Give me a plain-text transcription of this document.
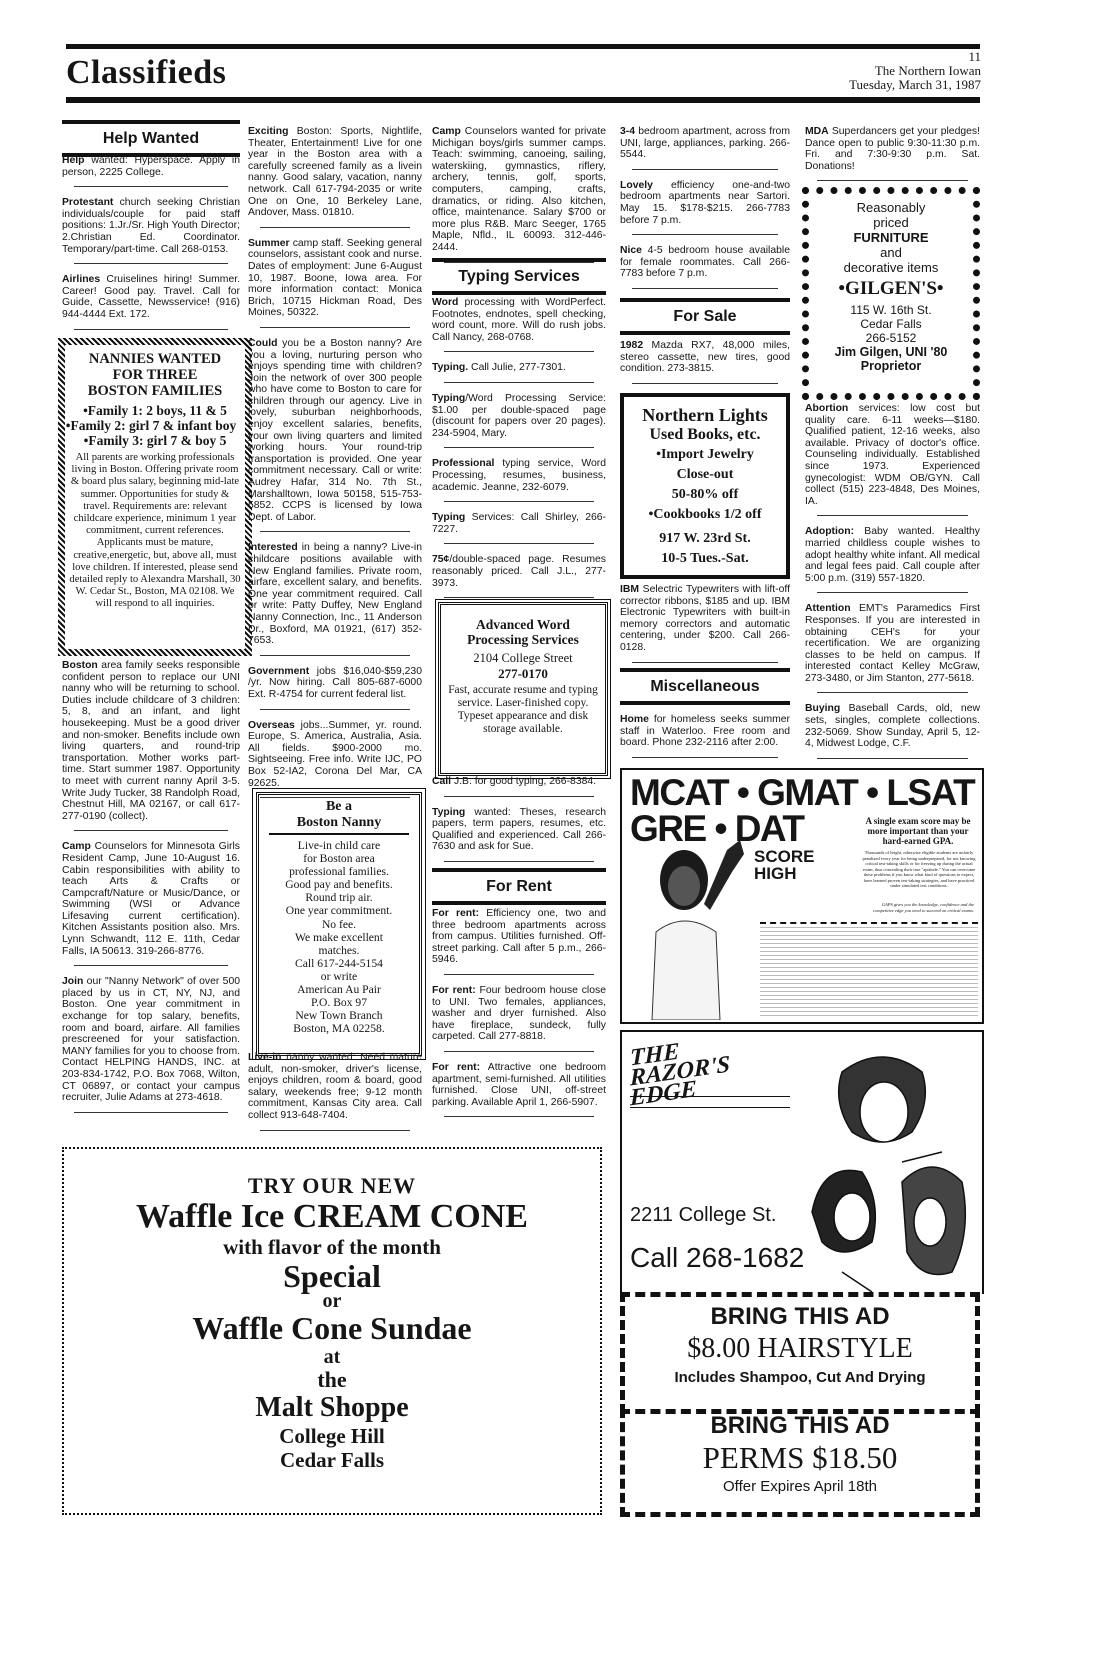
Classifieds	11
The Northern Iowan
Tuesday, March 31, 1987
Help Wanted
Help wanted: Hyperspace. Apply in person, 2225 College.
Protestant church seeking Christian individuals/couple for paid staff positions: 1.Jr./Sr. High Youth Director; 2.Christian Ed. Coordinator. Temporary/part-time. Call 268-0153.
Airlines Cruiselines hiring! Summer. Career! Good pay. Travel. Call for Guide, Cassette, Newsservice! (916) 944-4444 Ext. 172.
NANNIES WANTED
FOR THREE
BOSTON FAMILIES
•Family 1: 2 boys, 11 & 5
•Family 2: girl 7 & infant boy
•Family 3: girl 7 & boy 5
All parents are working professionals living in Boston. Offering private room & board plus salary, beginning mid-late summer. Opportunities for study & travel. Requirements are: relevant childcare experience, minimum 1 year commitment, current references. Applicants must be mature, creative,energetic, but, above all, must love children. If interested, please send detailed reply to Alexandra Marshall, 30 W. Cedar St., Boston, MA 02108. We will respond to all inquiries.
Boston area family seeks responsible confident person to replace our UNI nanny who will be returning to school. Duties include childcare of 3 children: 5, 8, and an infant, and light housekeeping. Must be a good driver and non-smoker. Benefits include own living quarters, and round-trip transportation. Mother works part-time. Start summer 1987. Opportunity to meet with current nanny April 3-5. Write Judy Tucker, 38 Randolph Road, Chestnut Hill, MA 02167, or call 617-277-0190 (collect).
Camp Counselors for Minnesota Girls Resident Camp, June 10-August 16. Cabin responsibilities with ability to teach Arts & Crafts or Campcraft/Nature or Music/Dance, or Swimming (WSI or Advance Lifesaving current certification). Kitchen Assistants position also. Mrs. Lynn Schwandt, 112 E. 11th, Cedar Falls, IA 50613. 319-266-8776.
Join our "Nanny Network" of over 500 placed by us in CT, NY, NJ, and Boston. One year commitment in exchange for top salary, benefits, room and board, airfare. All families prescreened for your satisfaction. MANY families for you to choose from. Contact HELPING HANDS, INC. at 203-834-1742, P.O. Box 7068, Wilton, CT 06897, or contact your campus recruiter, Julie Adams at 273-4618.
Exciting Boston: Sports, Nightlife, Theater, Entertainment! Live for one year in the Boston area with a carefully screened family as a livein nanny. Good salary, vacation, nanny network. Call 617-794-2035 or write One on One, 10 Berkeley Lane, Andover, Mass. 01810.
Summer camp staff. Seeking general counselors, assistant cook and nurse. Dates of employment: June 6-August 10, 1987. Boone, Iowa area. For more information contact: Monica Brich, 10715 Hickman Road, Des Moines, 50322.
Could you be a Boston nanny? Are you a loving, nurturing person who enjoys spending time with children? Join the network of over 300 people who have come to Boston to care for children through our agency. Live in lovely, suburban neighborhoods, enjoy excellent salaries, benefits, your own living quarters and limited working hours. Your round-trip transportation is provided. One year commitment necessary. Call or write: Audrey Hafar, 314 No. 7th St., Marshalltown, Iowa 50158, 515-753-5852. CCPS is licensed by Iowa Dept. of Labor.
Interested in being a nanny? Live-in childcare positions available with New England families. Private room, airfare, excellent salary, and benefits. One year commitment required. Call or write: Patty Duffey, New England Nanny Connection, Inc., 11 Anderson Dr., Boxford, MA 01921, (617) 352-7653.
Government jobs $16,040-$59,230 /yr. Now hiring. Call 805-687-6000 Ext. R-4754 for current federal list.
Overseas jobs...Summer, yr. round. Europe, S. America, Australia, Asia. All fields. $900-2000 mo. Sightseeing. Free info. Write IJC, PO Box 52-IA2, Corona Del Mar, CA 92625.
Be a
Boston Nanny
Live-in child care
for Boston area
professional families.
Good pay and benefits.
Round trip air.
One year commitment.
No fee.
We make excellent
matches.
Call 617-244-5154
or write
American Au Pair
P.O. Box 97
New Town Branch
Boston, MA 02258.
Live-in nanny wanted: Need mature adult, non-smoker, driver's license, enjoys children, room & board, good salary, weekends free; 9-12 month commitment, Kansas City area. Call collect 913-648-7404.
Camp Counselors wanted for private Michigan boys/girls summer camps. Teach: swimming, canoeing, sailing, waterskiing, gymnastics, riflery, archery, tennis, golf, sports, computers, camping, crafts, dramatics, or riding. Also kitchen, office, maintenance. Salary $700 or more plus R&B. Marc Seeger, 1765 Maple, Nfld., IL 60093. 312-446-2444.
Typing Services
Word processing with WordPerfect. Footnotes, endnotes, spell checking, word count, more. Will do rush jobs. Call Nancy, 268-0768.
Typing. Call Julie, 277-7301.
Typing/Word Processing Service: $1.00 per double-spaced page (discount for papers over 20 pages). 234-5904, Mary.
Professional typing service, Word Processing, resumes, business, academic. Jeanne, 232-6079.
Typing Services: Call Shirley, 266-7227.
75¢/double-spaced page. Resumes reasonably priced. Call J.L., 277-3973.
Advanced Word Processing Services
2104 College Street
277-0170
Fast, accurate resume and typing service. Laser-finished copy. Typeset appearance and disk storage available.
Call J.B. for good typing, 266-8384.
Typing wanted: Theses, research papers, term papers, resumes, etc. Qualified and experienced. Call 266-7630 and ask for Sue.
For Rent
For rent: Efficiency one, two and three bedroom apartments across from campus. Utilities furnished. Off-street parking. Call after 5 p.m., 266-5946.
For rent: Four bedroom house close to UNI. Two females, appliances, washer and dryer furnished. Also have fireplace, sundeck, fully carpeted. Call 277-8818.
For rent: Attractive one bedroom apartment, semi-furnished. All utilities furnished. Close UNI, off-street parking. Available April 1, 266-5907.
3-4 bedroom apartment, across from UNI, large, appliances, parking. 266-5544.
Lovely efficiency one-and-two bedroom apartments near Sartori. May 15. $178-$215. 266-7783 before 7 p.m.
Nice 4-5 bedroom house available for female roommates. Call 266-7783 before 7 p.m.
For Sale
1982 Mazda RX7, 48,000 miles, stereo cassette, new tires, good condition. 273-3815.
Northern Lights
Used Books, etc.
•Import Jewelry
Close-out
50-80% off
•Cookbooks 1/2 off
917 W. 23rd St.
10-5 Tues.-Sat.
IBM Selectric Typewriters with lift-off corrector ribbons, $185 and up. IBM Electronic Typewriters with built-in memory correctors and automatic centering, under $200. Call 266-0128.
Miscellaneous
Home for homeless seeks summer staff in Waterloo. Free room and board. Phone 232-2116 after 2:00.
MDA Superdancers get your pledges! Dance open to public 9:30-11:30 p.m. Fri. and 7:30-9:30 p.m. Sat. Donations!
Reasonably
priced
FURNITURE
and
decorative items
•GILGEN'S•
115 W. 16th St.
Cedar Falls
266-5152
Jim Gilgen, UNI '80
Proprietor
Abortion services: low cost but quality care. 6-11 weeks—$180. Qualified patient, 12-16 weeks, also available. Privacy of doctor's office. Counseling individually. Established since 1973. Experienced gynecologist: WDM OB/GYN. Call collect (515) 223-4848, Des Moines, IA.
Adoption: Baby wanted. Healthy married childless couple wishes to adopt healthy white infant. All medical and legal fees paid. Call couple after 5:00 p.m. (319) 557-1820.
Attention EMT's Paramedics First Responses. If you are interested in obtaining CEH's for your recertification. We are organizing classes to be held on campus. If interested contact Kelley McGraw, 273-3480, or Jim Stanton, 277-5618.
Buying Baseball Cards, old, new sets, singles, complete collections. 232-5069. Show Sunday, April 5, 12-4, Midwest Lodge, C.F.
MCAT • GMAT • LSAT
GRE • DAT
SCORE HIGH
A single exam score may be more important than your hard-earned GPA.
Thousands of bright, otherwise eligible students are unfairly penalized every year for being underprepared, for not knowing critical test-taking skills or for freezing up during the actual exam, thus concealing their true "aptitude." You can overcome these problems if you know what kind of questions to expect, have learned proven test-taking strategies, and have practiced under simulated test conditions.
GAPS gives you the knowledge, confidence and the competitive edge you need to succeed on critical exams.
THE RAZOR'S EDGE
2211 College St.
Call 268-1682
BRING THIS AD
$8.00 HAIRSTYLE
Includes Shampoo, Cut And Drying
BRING THIS AD
PERMS $18.50
Offer Expires April 18th
TRY OUR NEW
Waffle Ice CREAM CONE
with flavor of the month
Special
or
Waffle Cone Sundae
at
the
Malt Shoppe
College Hill
Cedar Falls
